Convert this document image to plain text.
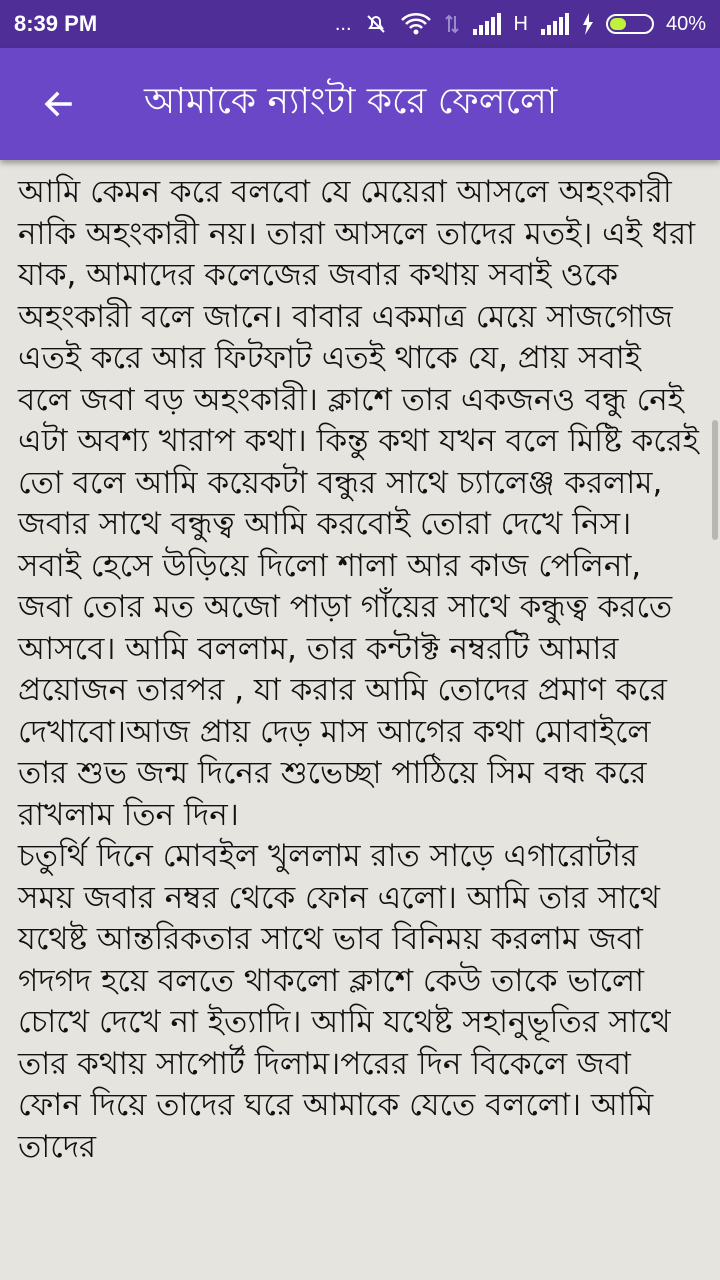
8:39 PM	...	H	40%
আমাকে ন্যাংটা করে ফেললো
আমি কেমন করে বলবো যে মেয়েরা আসলে অহংকারী নাকি অহংকারী নয়। তারা আসলে তাদের মতই। এই ধরা যাক, আমাদের কলেজের জবার কথায় সবাই ওকে অহংকারী বলে জানে। বাবার একমাত্র মেয়ে সাজগোজ এতই করে আর ফিটফাট এতই থাকে যে, প্রায় সবাই বলে জবা বড় অহংকারী। ক্লাশে তার একজনও বন্ধু নেই এটা অবশ্য খারাপ কথা। কিন্তু কথা যখন বলে মিষ্টি করেই তো বলে আমি কয়েকটা বন্ধুর সাথে চ্যালেঞ্জ করলাম, জবার সাথে বন্ধুত্ব আমি করবোই তোরা দেখে নিস। সবাই হেসে উড়িয়ে দিলো শালা আর কাজ পেলিনা, জবা তোর মত অজো পাড়া গাঁয়ের সাথে কন্ধুত্ব করতে আসবে। আমি বললাম, তার কন্টাক্ট নম্বরটি আমার প্রয়োজন তারপর , যা করার আমি তোদের প্রমাণ করে দেখাবো।আজ প্রায় দেড় মাস আগের কথা মোবাইলে তার শুভ জন্ম দিনের শুভেচ্ছা পাঠিয়ে সিম বন্ধ করে রাখলাম তিন দিন।
চতুর্থি দিনে মোবইল খুললাম রাত সাড়ে এগারোটার সময় জবার নম্বর থেকে ফোন এলো। আমি তার সাথে যথেষ্ট আন্তরিকতার সাথে ভাব বিনিময় করলাম জবা গদগদ হয়ে বলতে থাকলো ক্লাশে কেউ তাকে ভালো চোখে দেখে না ইত্যাদি। আমি যথেষ্ট সহানুভূতির সাথে তার কথায় সাপোর্ট দিলাম।পরের দিন বিকেলে জবা ফোন দিয়ে তাদের ঘরে আমাকে যেতে বললো। আমি তাদের
